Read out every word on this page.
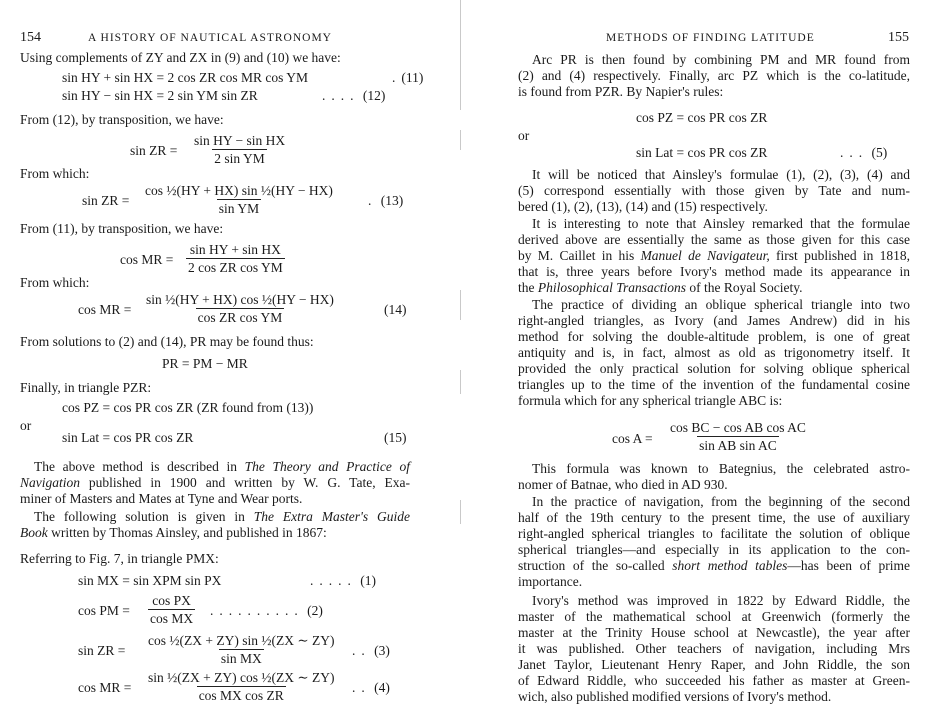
154	A HISTORY OF NAUTICAL ASTRONOMY
Using complements of ZY and ZX in (9) and (10) we have:
sin HY + sin HX = 2 cos ZR cos MR cos YM	.(11)
sin HY − sin HX = 2 sin YM sin ZR	.... (12)
From (12), by transposition, we have:
sin ZR = $\frac{\text{sin HY − sin HX}}{\text{2 sin YM}}$
From which:
sin ZR = $\frac{\text{cos ½(HY + HX) sin ½(HY − HX)}}{\text{sin YM}}$ . (13)
From (11), by transposition, we have:
cos MR = $\frac{\text{sin HY + sin HX}}{\text{2 cos ZR cos YM}}$
From which:
cos MR = $\frac{\text{sin ½(HY + HX) cos ½(HY − HX)}}{\text{cos ZR cos YM}}$	(14)
From solutions to (2) and (14), PR may be found thus:
PR = PM − MR
Finally, in triangle PZR:
cos PZ = cos PR cos ZR (ZR found from (13))
or
sin Lat = cos PR cos ZR	(15)
The above method is described in The Theory and Practice of
Navigation published in 1900 and written by W. G. Tate, Exa-
miner of Masters and Mates at Tyne and Wear ports.
The following solution is given in The Extra Master's Guide
Book written by Thomas Ainsley, and published in 1867:
Referring to Fig. 7, in triangle PMX:
sin MX = sin XPM sin PX	..... (1)
cos PM = $\frac{\text{cos PX}}{\text{cos MX}}$ .......... (2)
sin ZR = $\frac{\text{cos ½(ZX + ZY) sin ½(ZX ∼ ZY)}}{\text{sin MX}}$ .. (3)
cos MR = $\frac{\text{sin ½(ZX + ZY) cos ½(ZX ∼ ZY)}}{\text{cos MX cos ZR}}$ .. (4)
METHODS OF FINDING LATITUDE	155
Arc PR is then found by combining PM and MR found from
(2) and (4) respectively. Finally, arc PZ which is the co-latitude,
is found from PZR. By Napier's rules:
cos PZ = cos PR cos ZR
or
sin Lat = cos PR cos ZR	... (5)
It will be noticed that Ainsley's formulae (1), (2), (3), (4) and
(5) correspond essentially with those given by Tate and num-
bered (1), (2), (13), (14) and (15) respectively.
It is interesting to note that Ainsley remarked that the formulae
derived above are essentially the same as those given for this case
by M. Caillet in his Manuel de Navigateur, first published in 1818,
that is, three years before Ivory's method made its appearance in
the Philosophical Transactions of the Royal Society.
The practice of dividing an oblique spherical triangle into two
right-angled triangles, as Ivory (and James Andrew) did in his
method for solving the double-altitude problem, is one of great
antiquity and is, in fact, almost as old as trigonometry itself. It
provided the only practical solution for solving oblique spherical
triangles up to the time of the invention of the fundamental cosine
formula which for any spherical triangle ABC is:
$\cos A = \frac{\text{cos BC − cos AB cos AC}}{\text{sin AB sin AC}}$
This formula was known to Bategnius, the celebrated astro-
nomer of Batnae, who died in AD 930.
In the practice of navigation, from the beginning of the second
half of the 19th century to the present time, the use of auxiliary
right-angled spherical triangles to facilitate the solution of oblique
spherical triangles—and especially in its application to the con-
struction of the so-called short method tables—has been of prime
importance.
Ivory's method was improved in 1822 by Edward Riddle, the
master of the mathematical school at Greenwich (formerly the
master at the Trinity House school at Newcastle), the year after
it was published. Other teachers of navigation, including Mrs
Janet Taylor, Lieutenant Henry Raper, and John Riddle, the son
of Edward Riddle, who succeeded his father as master at Green-
wich, also published modified versions of Ivory's method.
